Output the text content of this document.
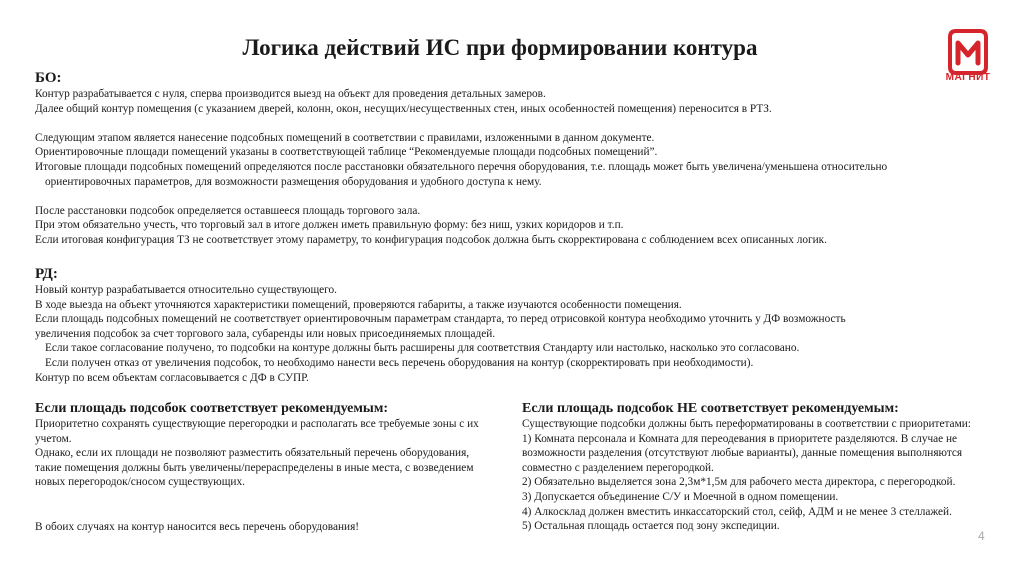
Логика действий ИС при формировании контура
МАГНИТ

БО:

Контур разрабатывается с нуля, сперва производится выезд на объект для проведения детальных замеров.

Далее общий контур помещения (с указанием дверей, колонн, окон, несущих/несущественных стен, иных особенностей помещения) переносится в РТЗ.

Следующим этапом является нанесение подсобных помещений в соответствии с правилами, изложенными в данном документе.

Ориентировочные площади помещений указаны в соответствующей таблице “Рекомендуемые площади подсобных помещений”.

Итоговые площади подсобных помещений определяются после расстановки обязательного перечня оборудования, т.е. площадь может быть увеличена/уменьшена относительно

ориентировочных параметров, для возможности размещения оборудования и удобного доступа к нему.

После расстановки подсобок определяется оставшееся площадь торгового зала.

При этом обязательно учесть, что торговый зал в итоге должен иметь правильную форму: без ниш, узких коридоров и т.п.

Если итоговая конфигурация ТЗ не соответствует этому параметру, то конфигурация подсобок должна быть скорректирована с соблюдением всех описанных логик.

РД:

Новый контур разрабатывается относительно существующего.

В ходе выезда на объект уточняются характеристики помещений, проверяются габариты, а также изучаются особенности помещения.

Если площадь подсобных помещений не соответствует ориентировочным параметрам стандарта, то перед отрисовкой контура необходимо уточнить у ДФ возможность

увеличения подсобок за счет торгового зала, субаренды или новых присоединяемых площадей.

Если такое согласование получено, то подсобки на контуре должны быть расширены для соответствия Стандарту или настолько, насколько это согласовано.

Если получен отказ от увеличения подсобок, то необходимо нанести весь перечень оборудования на контур (скорректировать при необходимости).

Контур по всем объектам согласовывается с ДФ в СУПР.

Если площадь подсобок соответствует рекомендуемым:

Приоритетно сохранять существующие перегородки и располагать все требуемые зоны с их

учетом.

Однако, если их площади не позволяют разместить обязательный перечень оборудования,

такие помещения должны быть увеличены/перераспределены в иные места, с возведением

новых перегородок/сносом существующих.

В обоих случаях на контур наносится весь перечень оборудования!

Если площадь подсобок НЕ соответствует рекомендуемым:

Существующие подсобки должны быть переформатированы в соответствии с приоритетами:

1) Комната персонала и Комната для переодевания в приоритете разделяются. В случае не

возможности разделения (отсутствуют любые варианты), данные помещения выполняются

совместно с разделением перегородкой.

2) Обязательно выделяется зона 2,3м*1,5м для рабочего места директора, с перегородкой.

3) Допускается объединение С/У и Моечной в одном помещении.

4) Алкосклад должен вместить инкассаторский стол, сейф, АДМ и не менее 3 стеллажей.

5) Остальная площадь остается под зону экспедиции.

4
